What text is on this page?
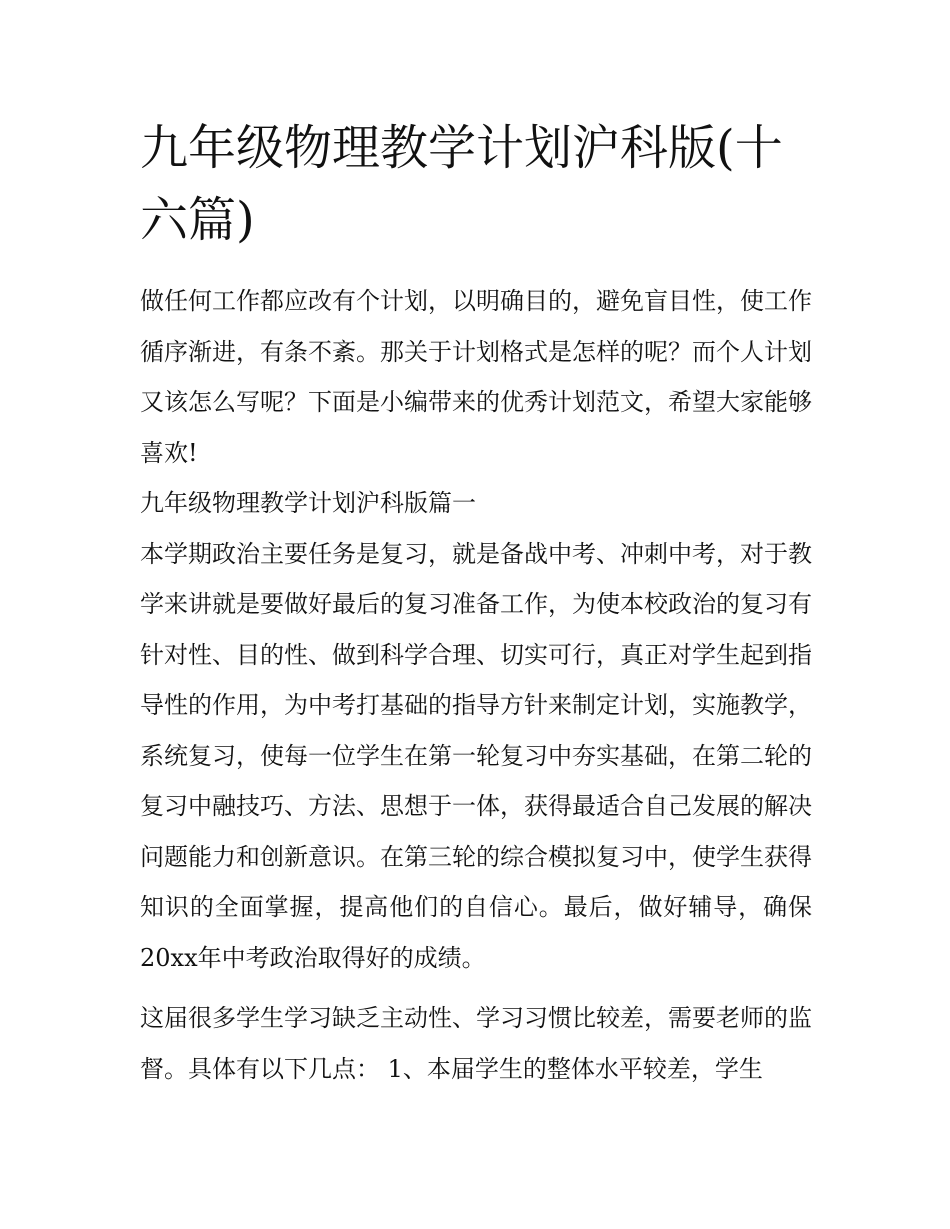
九年级物理教学计划沪科版(十六篇)

做任何工作都应改有个计划，以明确目的，避免盲目性，使工作循序渐进，有条不紊。那关于计划格式是怎样的呢？而个人计划又该怎么写呢？下面是小编带来的优秀计划范文，希望大家能够喜欢!

九年级物理教学计划沪科版篇一

本学期政治主要任务是复习，就是备战中考、冲刺中考，对于教学来讲就是要做好最后的复习准备工作，为使本校政治的复习有针对性、目的性、做到科学合理、切实可行，真正对学生起到指导性的作用，为中考打基础的指导方针来制定计划，实施教学，系统复习，使每一位学生在第一轮复习中夯实基础，在第二轮的复习中融技巧、方法、思想于一体，获得最适合自己发展的解决问题能力和创新意识。在第三轮的综合模拟复习中，使学生获得知识的全面掌握，提高他们的自信心。最后，做好辅导，确保20xx年中考政治取得好的成绩。

这届很多学生学习缺乏主动性、学习习惯比较差，需要老师的监督。具体有以下几点： 1、本届学生的整体水平较差，学生
